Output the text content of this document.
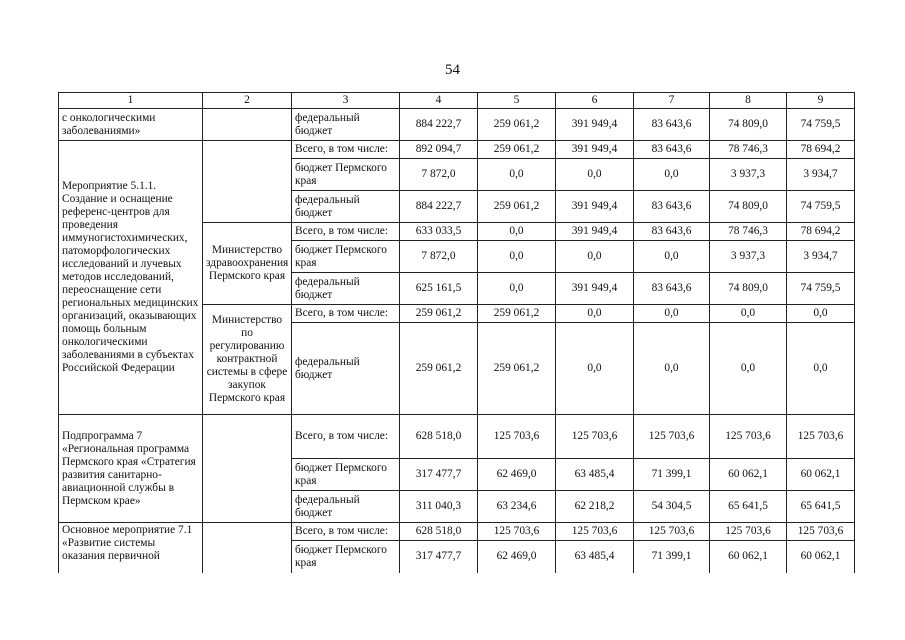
54
1	2	3	4	5	6	7	8	9
с онкологическими заболеваниями»		федеральный бюджет	884 222,7	259 061,2	391 949,4	83 643,6	74 809,0	74 759,5
Мероприятие 5.1.1. Создание и оснащение референс-центров для проведения иммуногистохимических, патоморфологических исследований и лучевых методов исследований, переоснащение сети региональных медицинских организаций, оказывающих помощь больным онкологическими заболеваниями в субъектах Российской Федерации		Всего, в том числе:	892 094,7	259 061,2	391 949,4	83 643,6	78 746,3	78 694,2
		бюджет Пермского края	7 872,0	0,0	0,0	0,0	3 937,3	3 934,7
		федеральный бюджет	884 222,7	259 061,2	391 949,4	83 643,6	74 809,0	74 759,5
	Министерство здравоохранения Пермского края	Всего, в том числе:	633 033,5	0,0	391 949,4	83 643,6	78 746,3	78 694,2
		бюджет Пермского края	7 872,0	0,0	0,0	0,0	3 937,3	3 934,7
		федеральный бюджет	625 161,5	0,0	391 949,4	83 643,6	74 809,0	74 759,5
	Министерство по регулированию контрактной системы в сфере закупок Пермского края	Всего, в том числе:	259 061,2	259 061,2	0,0	0,0	0,0	0,0
		федеральный бюджет	259 061,2	259 061,2	0,0	0,0	0,0	0,0
Подпрограмма 7 «Региональная программа Пермского края «Стратегия развития санитарно-авиационной службы в Пермском крае»		Всего, в том числе:	628 518,0	125 703,6	125 703,6	125 703,6	125 703,6	125 703,6
		бюджет Пермского края	317 477,7	62 469,0	63 485,4	71 399,1	60 062,1	60 062,1
		федеральный бюджет	311 040,3	63 234,6	62 218,2	54 304,5	65 641,5	65 641,5
Основное мероприятие 7.1 «Развитие системы оказания первичной		Всего, в том числе:	628 518,0	125 703,6	125 703,6	125 703,6	125 703,6	125 703,6
		бюджет Пермского края	317 477,7	62 469,0	63 485,4	71 399,1	60 062,1	60 062,1
